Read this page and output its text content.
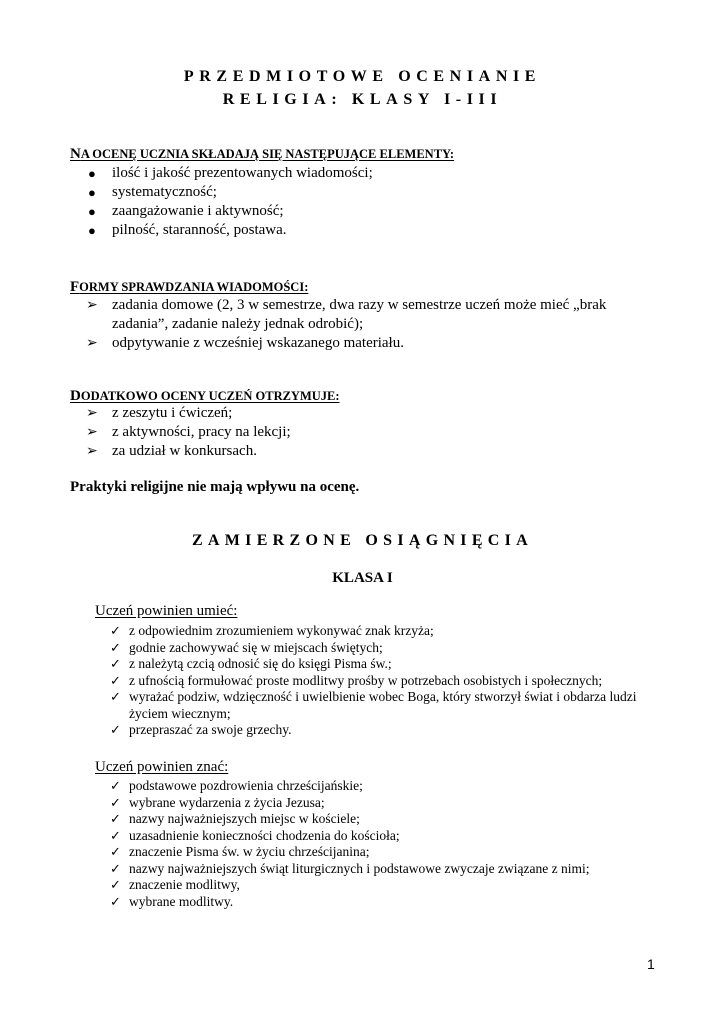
PRZEDMIOTOWE OCENIANIE
RELIGIA: KLASY I-III
NA OCENĘ UCZNIA SKŁADAJĄ SIĘ NASTĘPUJĄCE ELEMENTY:
● ilość i jakość prezentowanych wiadomości;
● systematyczność;
● zaangażowanie i aktywność;
● pilność, staranność, postawa.
FORMY SPRAWDZANIA WIADOMOŚCI:
➢ zadania domowe (2, 3 w semestrze, dwa razy w semestrze uczeń może mieć „brak zadania”, zadanie należy jednak odrobić);
➢ odpytywanie z wcześniej wskazanego materiału.
DODATKOWO OCENY UCZEŃ OTRZYMUJE:
➢ z zeszytu i ćwiczeń;
➢ z aktywności, pracy na lekcji;
➢ za udział w konkursach.
Praktyki religijne nie mają wpływu na ocenę.
ZAMIERZONE OSIĄGNIĘCIA
KLASA I
Uczeń powinien umieć:
✓ z odpowiednim zrozumieniem wykonywać znak krzyża;
✓ godnie zachowywać się w miejscach świętych;
✓ z należytą czcią odnosić się do księgi Pisma św.;
✓ z ufnością formułować proste modlitwy prośby w potrzebach osobistych i społecznych;
✓ wyrażać podziw, wdzięczność i uwielbienie wobec Boga, który stworzył świat i obdarza ludzi życiem wiecznym;
✓ przepraszać za swoje grzechy.
Uczeń powinien znać:
✓ podstawowe pozdrowienia chrześcijańskie;
✓ wybrane wydarzenia z życia Jezusa;
✓ nazwy najważniejszych miejsc w kościele;
✓ uzasadnienie konieczności chodzenia do kościoła;
✓ znaczenie Pisma św. w życiu chrześcijanina;
✓ nazwy najważniejszych świąt liturgicznych i podstawowe zwyczaje związane z nimi;
✓ znaczenie modlitwy,
✓ wybrane modlitwy.
1
